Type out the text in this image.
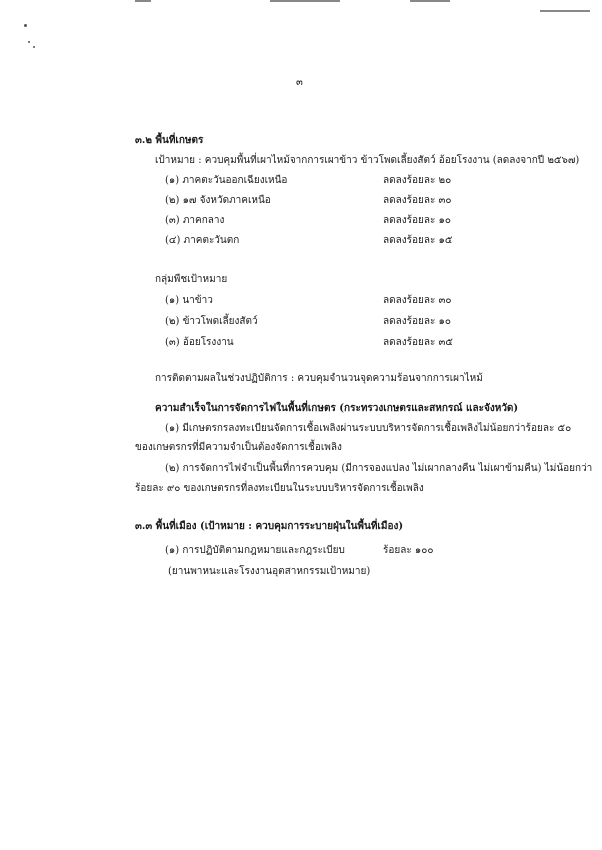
๓
๓.๒ พื้นที่เกษตร
เป้าหมาย : ควบคุมพื้นที่เผาไหม้จากการเผาข้าว ข้าวโพดเลี้ยงสัตว์ อ้อยโรงงาน (ลดลงจากปี ๒๕๖๗)
(๑) ภาคตะวันออกเฉียงเหนือ	ลดลงร้อยละ ๒๐
(๒) ๑๗ จังหวัดภาคเหนือ	ลดลงร้อยละ ๓๐
(๓) ภาคกลาง	ลดลงร้อยละ ๑๐
(๔) ภาคตะวันตก	ลดลงร้อยละ ๑๕
กลุ่มพืชเป้าหมาย
(๑) นาข้าว	ลดลงร้อยละ ๓๐
(๒) ข้าวโพดเลี้ยงสัตว์	ลดลงร้อยละ ๑๐
(๓) อ้อยโรงงาน	ลดลงร้อยละ ๓๕
การติดตามผลในช่วงปฏิบัติการ : ควบคุมจำนวนจุดความร้อนจากการเผาไหม้
ความสำเร็จในการจัดการไฟในพื้นที่เกษตร (กระทรวงเกษตรและสหกรณ์ และจังหวัด)
(๑) มีเกษตรกรลงทะเบียนจัดการเชื้อเพลิงผ่านระบบบริหารจัดการเชื้อเพลิงไม่น้อยกว่าร้อยละ ๕๐
ของเกษตรกรที่มีความจำเป็นต้องจัดการเชื้อเพลิง
(๒) การจัดการไฟจำเป็นพื้นที่การควบคุม (มีการจองแปลง ไม่เผากลางคืน ไม่เผาข้ามคืน) ไม่น้อยกว่า
ร้อยละ ๙๐ ของเกษตรกรที่ลงทะเบียนในระบบบริหารจัดการเชื้อเพลิง
๓.๓ พื้นที่เมือง (เป้าหมาย : ควบคุมการระบายฝุ่นในพื้นที่เมือง)
(๑) การปฏิบัติตามกฎหมายและกฎระเบียบ	ร้อยละ ๑๐๐
(ยานพาหนะและโรงงานอุตสาหกรรมเป้าหมาย)
